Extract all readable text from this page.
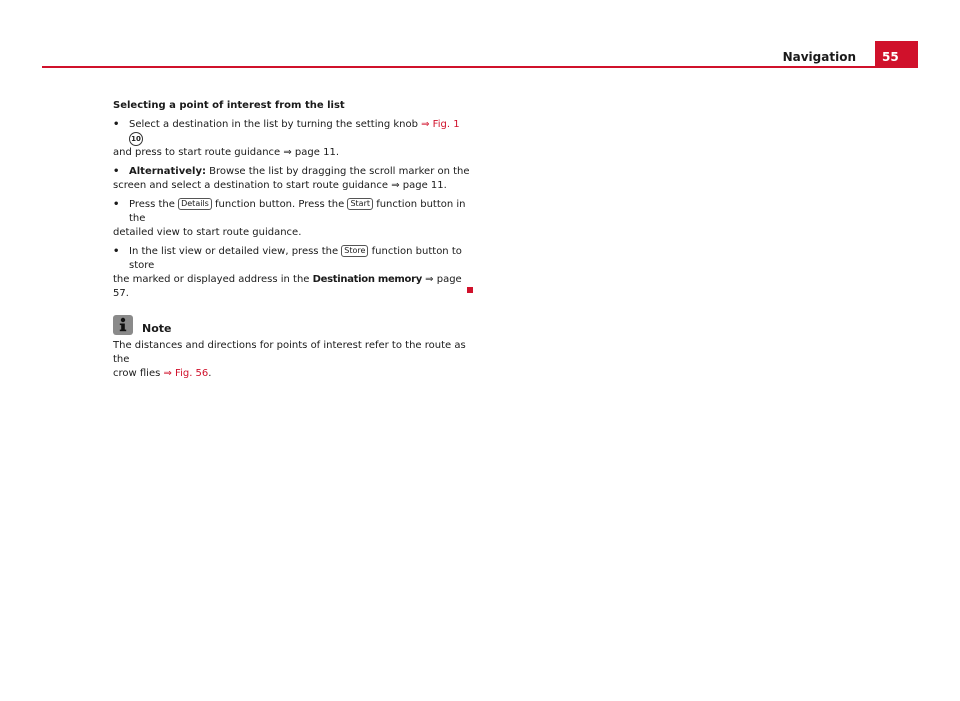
Navigation	55
Selecting a point of interest from the list
• Select a destination in the list by turning the setting knob ⇒ Fig. 1 10
and press to start route guidance ⇒ page 11.
• Alternatively: Browse the list by dragging the scroll marker on the
screen and select a destination to start route guidance ⇒ page 11.
• Press the Details function button. Press the Start function button in the
detailed view to start route guidance.
• In the list view or detailed view, press the Store function button to store
the marked or displayed address in the Destination memory ⇒ page 57.
Note
The distances and directions for points of interest refer to the route as the
crow flies ⇒ Fig. 56.
